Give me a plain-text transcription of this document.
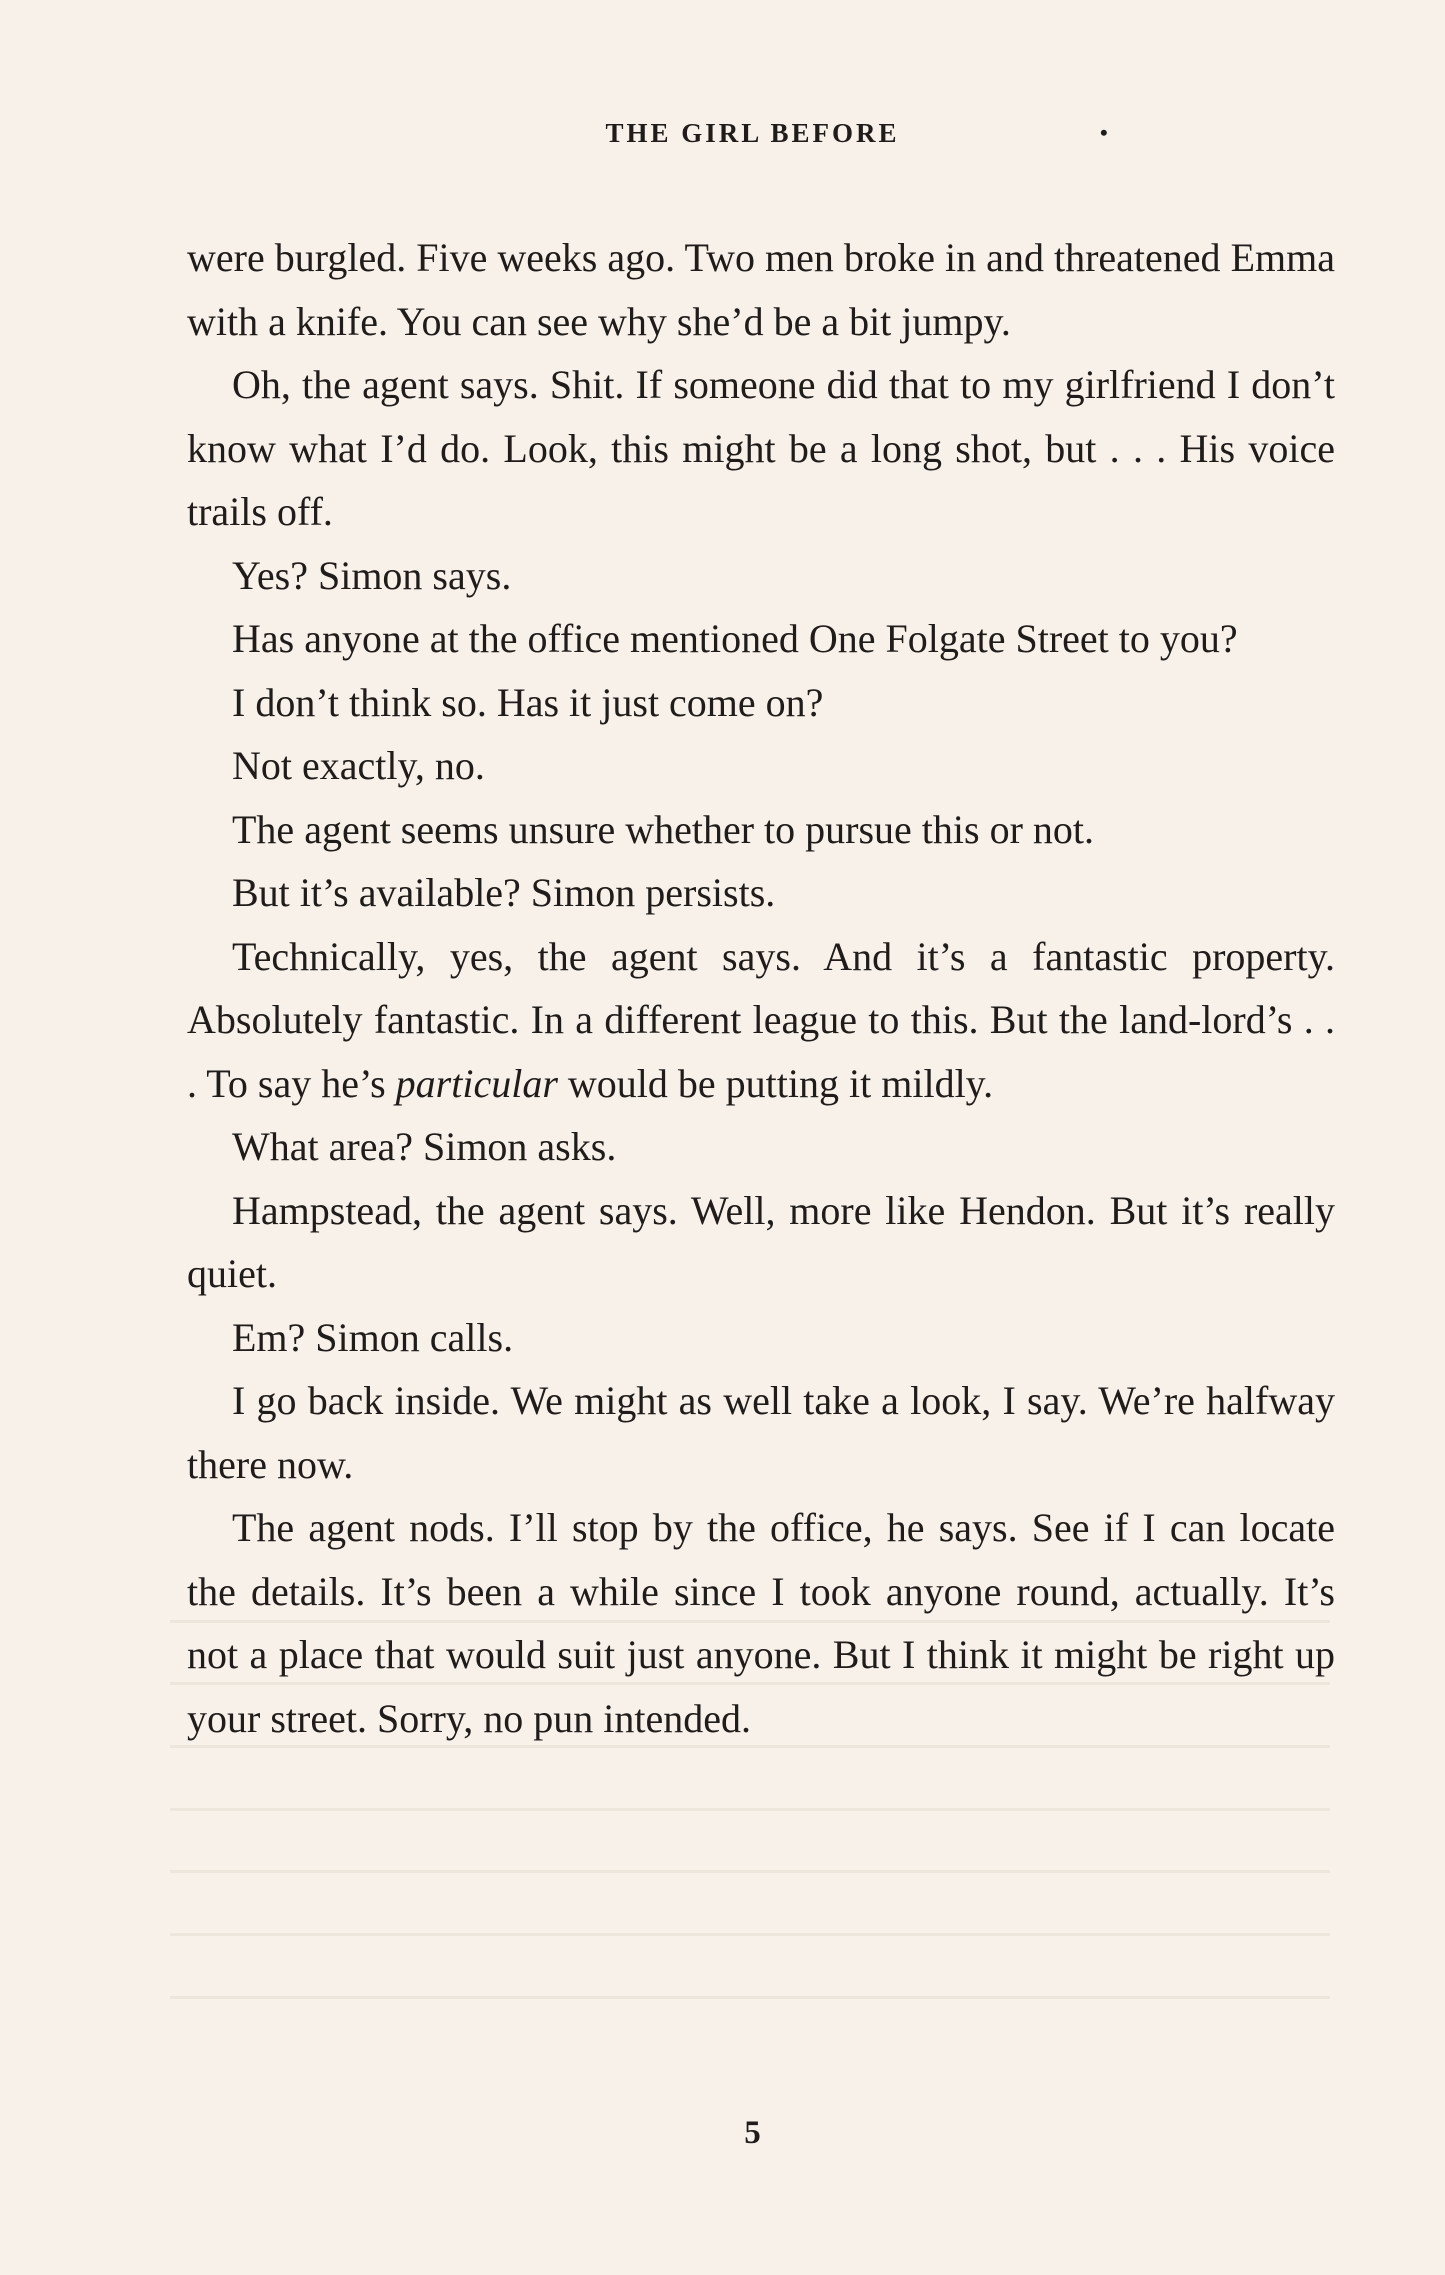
THE GIRL BEFORE	•

were burgled. Five weeks ago. Two men broke in and threatened Emma with a knife. You can see why she’d be a bit jumpy.

Oh, the agent says. Shit. If someone did that to my girlfriend I don’t know what I’d do. Look, this might be a long shot, but . . . His voice trails off.

Yes? Simon says.

Has anyone at the office mentioned One Folgate Street to you?

I don’t think so. Has it just come on?

Not exactly, no.

The agent seems unsure whether to pursue this or not.

But it’s available? Simon persists.

Technically, yes, the agent says. And it’s a fantastic property. Absolutely fantastic. In a different league to this. But the land-lord’s . . . To say he’s particular would be putting it mildly.

What area? Simon asks.

Hampstead, the agent says. Well, more like Hendon. But it’s really quiet.

Em? Simon calls.

I go back inside. We might as well take a look, I say. We’re halfway there now.

The agent nods. I’ll stop by the office, he says. See if I can locate the details. It’s been a while since I took anyone round, actually. It’s not a place that would suit just anyone. But I think it might be right up your street. Sorry, no pun intended.

5
